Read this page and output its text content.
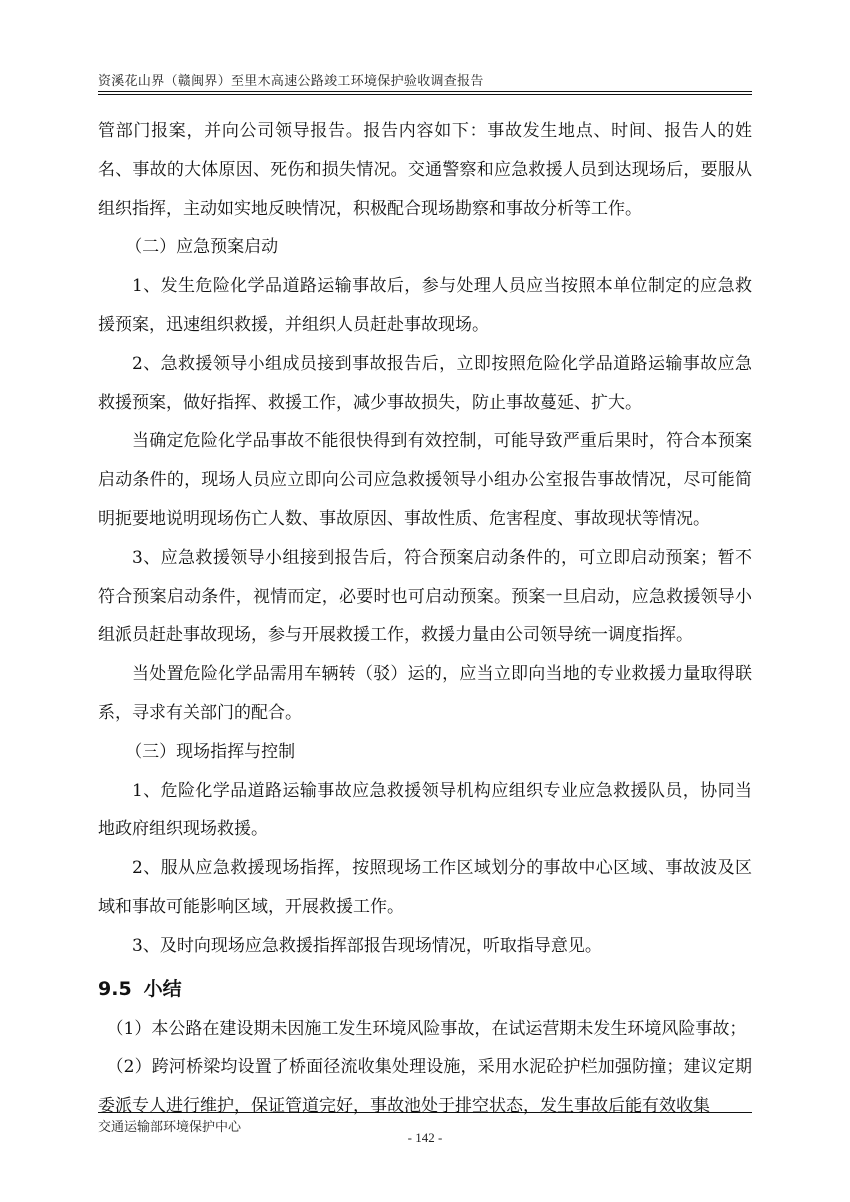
资溪花山界（赣闽界）至里木高速公路竣工环境保护验收调查报告

管部门报案，并向公司领导报告。报告内容如下：事故发生地点、时间、报告人的姓名、事故的大体原因、死伤和损失情况。交通警察和应急救援人员到达现场后，要服从组织指挥，主动如实地反映情况，积极配合现场勘察和事故分析等工作。

（二）应急预案启动

1、发生危险化学品道路运输事故后，参与处理人员应当按照本单位制定的应急救援预案，迅速组织救援，并组织人员赶赴事故现场。

2、急救援领导小组成员接到事故报告后，立即按照危险化学品道路运输事故应急救援预案，做好指挥、救援工作，减少事故损失，防止事故蔓延、扩大。

当确定危险化学品事故不能很快得到有效控制，可能导致严重后果时，符合本预案启动条件的，现场人员应立即向公司应急救援领导小组办公室报告事故情况，尽可能简明扼要地说明现场伤亡人数、事故原因、事故性质、危害程度、事故现状等情况。

3、应急救援领导小组接到报告后，符合预案启动条件的，可立即启动预案；暂不符合预案启动条件，视情而定，必要时也可启动预案。预案一旦启动，应急救援领导小组派员赶赴事故现场，参与开展救援工作，救援力量由公司领导统一调度指挥。

当处置危险化学品需用车辆转（驳）运的，应当立即向当地的专业救援力量取得联系，寻求有关部门的配合。

（三）现场指挥与控制

1、危险化学品道路运输事故应急救援领导机构应组织专业应急救援队员，协同当地政府组织现场救援。

2、服从应急救援现场指挥，按照现场工作区域划分的事故中心区域、事故波及区域和事故可能影响区域，开展救援工作。

3、及时向现场应急救援指挥部报告现场情况，听取指导意见。

9.5 小结

（1）本公路在建设期未因施工发生环境风险事故，在试运营期未发生环境风险事故；

（2）跨河桥梁均设置了桥面径流收集处理设施，采用水泥砼护栏加强防撞；建议定期委派专人进行维护，保证管道完好，事故池处于排空状态，发生事故后能有效收集

交通运输部环境保护中心
- 142 -
